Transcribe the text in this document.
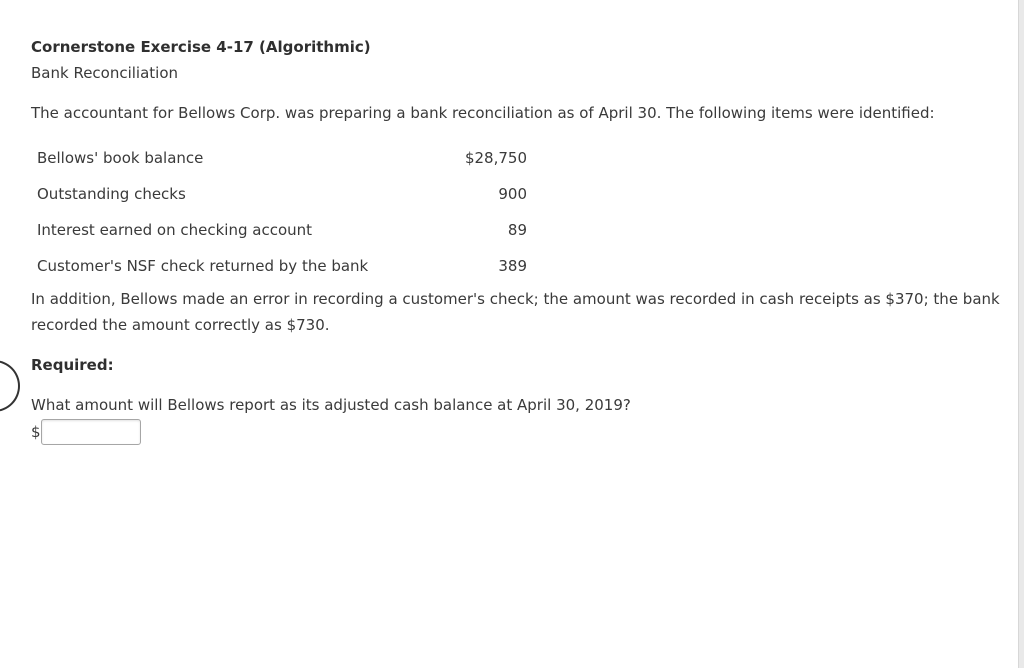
Cornerstone Exercise 4-17 (Algorithmic)

Bank Reconciliation

The accountant for Bellows Corp. was preparing a bank reconciliation as of April 30. The following items were identified:

Bellows' book balance	$28,750
Outstanding checks	900
Interest earned on checking account	89
Customer's NSF check returned by the bank	389

In addition, Bellows made an error in recording a customer's check; the amount was recorded in cash receipts as $370; the bank recorded the amount correctly as $730.

Required:

What amount will Bellows report as its adjusted cash balance at April 30, 2019?

$
